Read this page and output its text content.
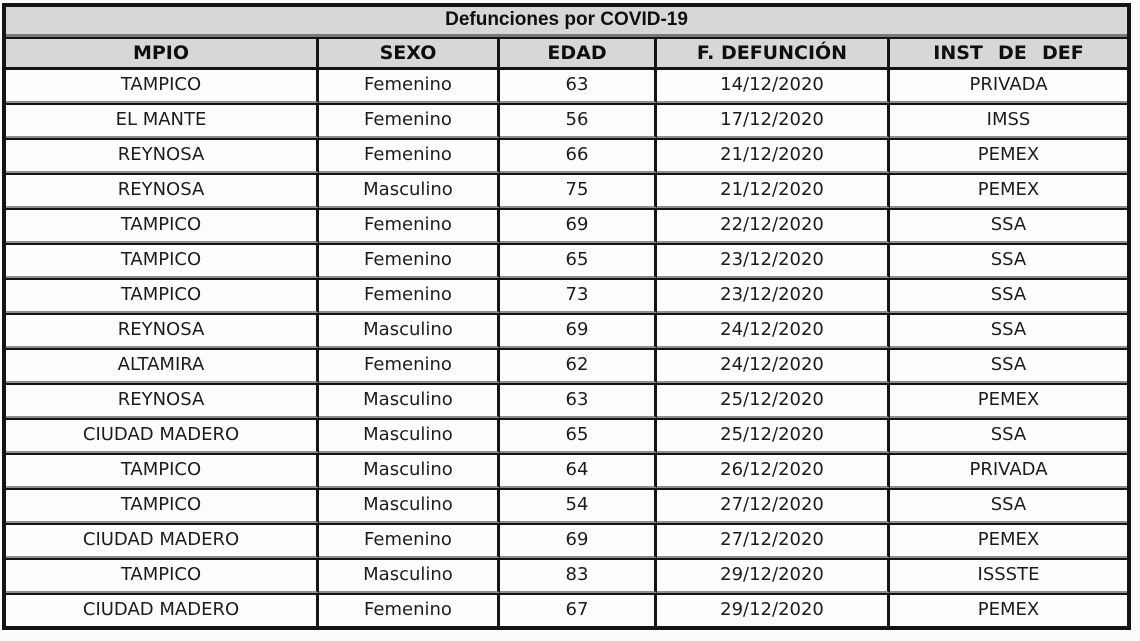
Defunciones por COVID-19				
MPIO	SEXO	EDAD	F. DEFUNCIÓN	INST DE DEF
TAMPICO	Femenino	63	14/12/2020	PRIVADA
EL MANTE	Femenino	56	17/12/2020	IMSS
REYNOSA	Femenino	66	21/12/2020	PEMEX
REYNOSA	Masculino	75	21/12/2020	PEMEX
TAMPICO	Femenino	69	22/12/2020	SSA
TAMPICO	Femenino	65	23/12/2020	SSA
TAMPICO	Femenino	73	23/12/2020	SSA
REYNOSA	Masculino	69	24/12/2020	SSA
ALTAMIRA	Femenino	62	24/12/2020	SSA
REYNOSA	Masculino	63	25/12/2020	PEMEX
CIUDAD MADERO	Masculino	65	25/12/2020	SSA
TAMPICO	Masculino	64	26/12/2020	PRIVADA
TAMPICO	Masculino	54	27/12/2020	SSA
CIUDAD MADERO	Femenino	69	27/12/2020	PEMEX
TAMPICO	Masculino	83	29/12/2020	ISSSTE
CIUDAD MADERO	Femenino	67	29/12/2020	PEMEX
